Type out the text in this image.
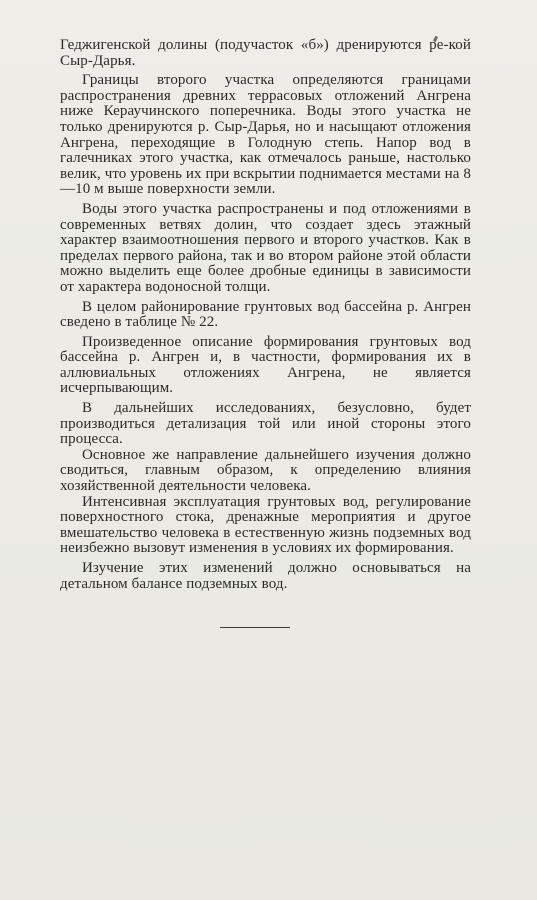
Геджигенской долины (подучасток «б») дренируются ре-кой Сыр-Дарья.

Границы второго участка определяются границами распространения древних террасовых отложений Ангрена ниже Кераучинского поперечника. Воды этого участка не только дренируются р. Сыр-Дарья, но и насыщают отложения Ангрена, переходящие в Голодную степь. Напор вод в галечниках этого участка, как отмечалось раньше, настолько велик, что уровень их при вскрытии поднимается местами на 8—10 м выше поверхности земли.

Воды этого участка распространены и под отложениями в современных ветвях долин, что создает здесь этажный характер взаимоотношения первого и второго участков. Как в пределах первого района, так и во втором районе этой области можно выделить еще более дробные единицы в зависимости от характера водоносной толщи.

В целом районирование грунтовых вод бассейна р. Ангрен сведено в таблице № 22.

Произведенное описание формирования грунтовых вод бассейна р. Ангрен и, в частности, формирования их в аллювиальных отложениях Ангрена, не является исчерпывающим.

В дальнейших исследованиях, безусловно, будет производиться детализация той или иной стороны этого процесса.

Основное же направление дальнейшего изучения должно сводиться, главным образом, к определению влияния хозяйственной деятельности человека.

Интенсивная эксплуатация грунтовых вод, регулирование поверхностного стока, дренажные мероприятия и другое вмешательство человека в естественную жизнь подземных вод неизбежно вызовут изменения в условиях их формирования.

Изучение этих изменений должно основываться на детальном балансе подземных вод.
